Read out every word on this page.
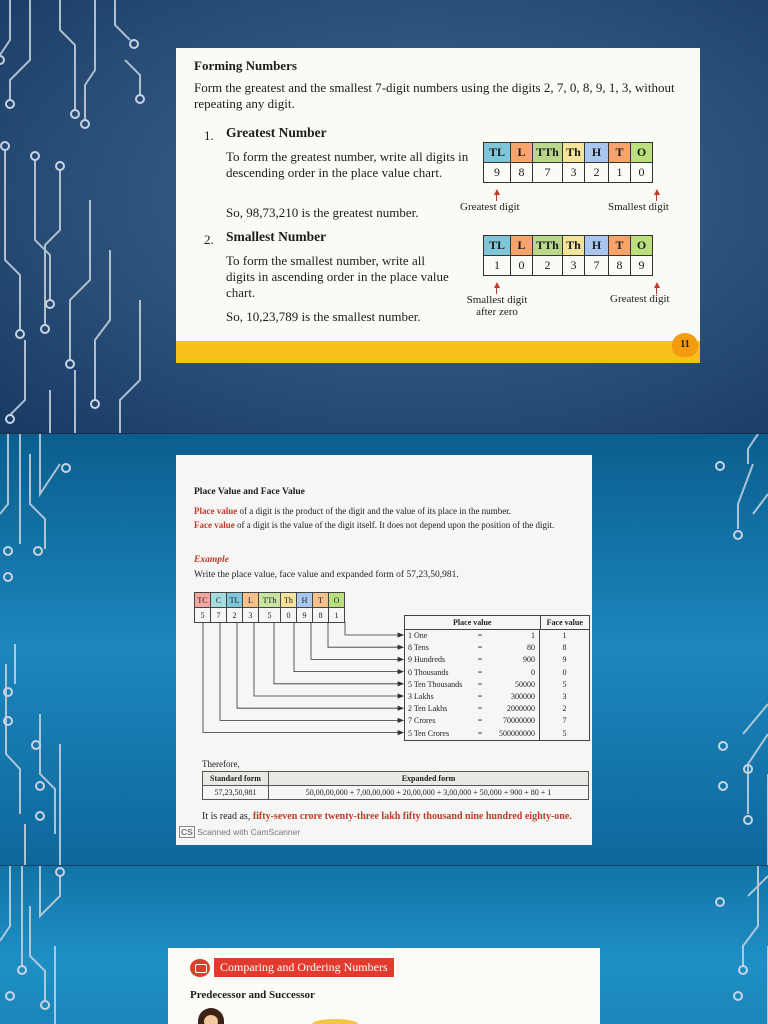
Forming Numbers
Form the greatest and the smallest 7-digit numbers using the digits 2, 7, 0, 8, 9, 1, 3, without repeating any digit.
1. Greatest Number
To form the greatest number, write all digits in descending order in the place value chart.
So, 98,73,210 is the greatest number.
TL	L	TTh	Th	H	T	O
9	8	7	3	2	1	0
Greatest digit	Smallest digit
2. Smallest Number
To form the smallest number, write all digits in ascending order in the place value chart.
So, 10,23,789 is the smallest number.
TL	L	TTh	Th	H	T	O
1	0	2	3	7	8	9
Smallest digit after zero
Greatest digit
11
Place Value and Face Value
Place value of a digit is the product of the digit and the value of its place in the number.
Face value of a digit is the value of the digit itself. It does not depend upon the position of the digit.
Example
Write the place value, face value and expanded form of 57,23,50,981.
TC	C	TL	L	TTh	Th	H	T	O
5	7	2	3	5	0	9	8	1
Place value	Face value
1 One	=	1	1
8 Tens	=	80	8
9 Hundreds	=	900	9
0 Thousands	=	0	0
5 Ten Thousands	=	50000	5
3 Lakhs	=	300000	3
2 Ten Lakhs	=	2000000	2
7 Crores	=	70000000	7
5 Ten Crores	=	500000000	5
Therefore,
Standard form	Expanded form
57,23,50,981	50,00,00,000 + 7,00,00,000 + 20,00,000 + 3,00,000 + 50,000 + 900 + 80 + 1
It is read as, fifty-seven crore twenty-three lakh fifty thousand nine hundred eighty-one.
CS Scanned with CamScanner
Comparing and Ordering Numbers
Predecessor and Successor
